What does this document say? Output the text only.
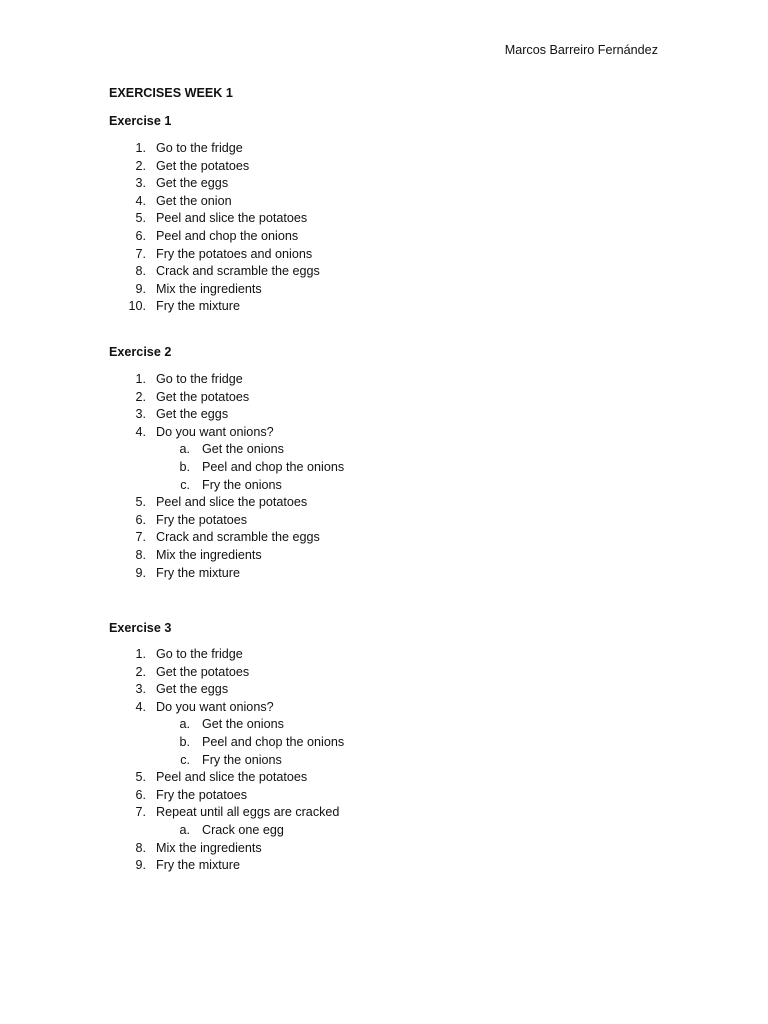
Marcos Barreiro Fernández
EXERCISES WEEK 1
Exercise 1
1. Go to the fridge
2. Get the potatoes
3. Get the eggs
4. Get the onion
5. Peel and slice the potatoes
6. Peel and chop the onions
7. Fry the potatoes and onions
8. Crack and scramble the eggs
9. Mix the ingredients
10. Fry the mixture
Exercise 2
1. Go to the fridge
2. Get the potatoes
3. Get the eggs
4. Do you want onions?
a. Get the onions
b. Peel and chop the onions
c. Fry the onions
5. Peel and slice the potatoes
6. Fry the potatoes
7. Crack and scramble the eggs
8. Mix the ingredients
9. Fry the mixture
Exercise 3
1. Go to the fridge
2. Get the potatoes
3. Get the eggs
4. Do you want onions?
a. Get the onions
b. Peel and chop the onions
c. Fry the onions
5. Peel and slice the potatoes
6. Fry the potatoes
7. Repeat until all eggs are cracked
a. Crack one egg
8. Mix the ingredients
9. Fry the mixture
